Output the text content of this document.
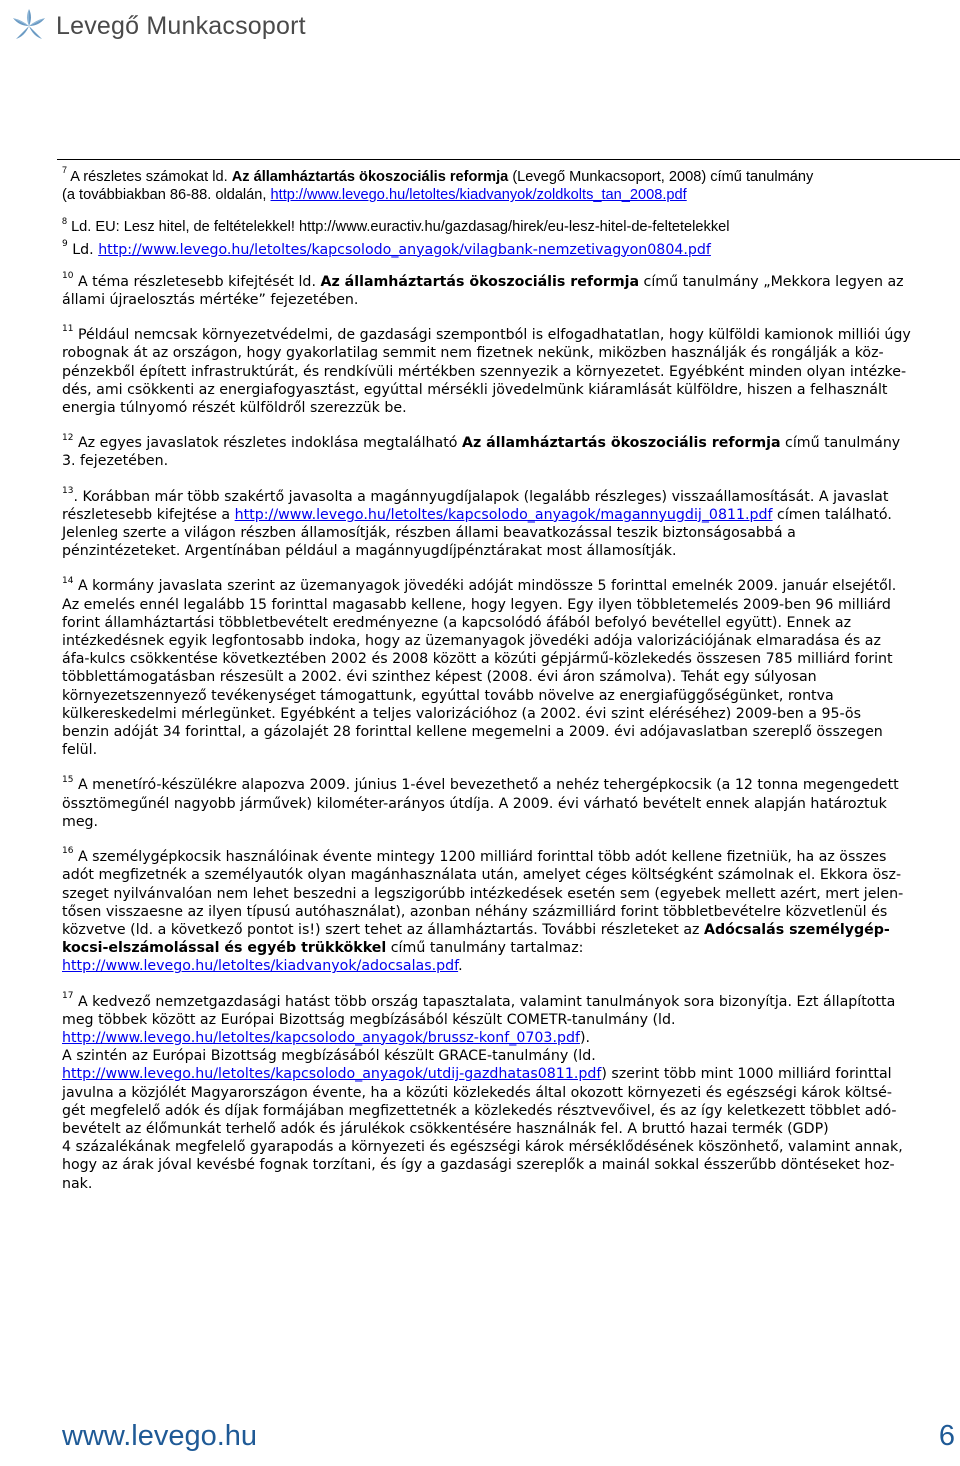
Levegő Munkacsoport

$^7$ A részletes számokat ld. Az államháztartás ökoszociális reformja (Levegő Munkacsoport, 2008) című tanulmány
(a továbbiakban 86-88. oldalán, http://www.levego.hu/letoltes/kiadvanyok/zoldkolts_tan_2008.pdf

$^8$ Ld. EU: Lesz hitel, de feltételekkel! http://www.euractiv.hu/gazdasag/hirek/eu-lesz-hitel-de-feltetelekkel

$^9$ Ld. http://www.levego.hu/letoltes/kapcsolodo_anyagok/vilagbank-nemzetivagyon0804.pdf

$^{10}$ A téma részletesebb kifejtését ld. Az államháztartás ökoszociális reformja című tanulmány „Mekkora legyen az
állami újraelosztás mértéke” fejezetében.

$^{11}$ Például nemcsak környezetvédelmi, de gazdasági szempontból is elfogadhatatlan, hogy külföldi kamionok milliói úgy
robognak át az országon, hogy gyakorlatilag semmit nem fizetnek nekünk, miközben használják és rongálják a köz-
pénzekből épített infrastruktúrát, és rendkívüli mértékben szennyezik a környezetet. Egyébként minden olyan intézke-
dés, ami csökkenti az energiafogyasztást, egyúttal mérsékli jövedelmünk kiáramlását külföldre, hiszen a felhasznált
energia túlnyomó részét külföldről szerezzük be.

$^{12}$ Az egyes javaslatok részletes indoklása megtalálható Az államháztartás ökoszociális reformja című tanulmány
3. fejezetében.

$^{13}$. Korábban már több szakértő javasolta a magánnyugdíjalapok (legalább részleges) visszaállamosítását. A javaslat
részletesebb kifejtése a http://www.levego.hu/letoltes/kapcsolodo_anyagok/magannyugdij_0811.pdf címen található.
Jelenleg szerte a világon részben államosítják, részben állami beavatkozással teszik biztonságosabbá a
pénzintézeteket. Argentínában például a magánnyugdíjpénztárakat most államosítják.

$^{14}$ A kormány javaslata szerint az üzemanyagok jövedéki adóját mindössze 5 forinttal emelnék 2009. január elsejétől.
Az emelés ennél legalább 15 forinttal magasabb kellene, hogy legyen. Egy ilyen többletemelés 2009-ben 96 milliárd
forint államháztartási többletbevételt eredményezne (a kapcsolódó áfából befolyó bevétellel együtt). Ennek az
intézkedésnek egyik legfontosabb indoka, hogy az üzemanyagok jövedéki adója valorizációjának elmaradása és az
áfa-kulcs csökkentése következtében 2002 és 2008 között a közúti gépjármű-közlekedés összesen 785 milliárd forint
többlettámogatásban részesült a 2002. évi szinthez képest (2008. évi áron számolva). Tehát egy súlyosan
környezetszennyező tevékenységet támogattunk, egyúttal tovább növelve az energiafüggőségünket, rontva
külkereskedelmi mérlegünket. Egyébként a teljes valorizációhoz (a 2002. évi szint eléréséhez) 2009-ben a 95-ös
benzin adóját 34 forinttal, a gázolajét 28 forinttal kellene megemelni a 2009. évi adójavaslatban szereplő összegen
felül.

$^{15}$ A menetíró-készülékre alapozva 2009. június 1-ével bevezethető a nehéz tehergépkocsik (a 12 tonna megengedett
össztömegűnél nagyobb járművek) kilométer-arányos útdíja. A 2009. évi várható bevételt ennek alapján határoztuk
meg.

$^{16}$ A személygépkocsik használóinak évente mintegy 1200 milliárd forinttal több adót kellene fizetniük, ha az összes
adót megfizetnék a személyautók olyan magánhasználata után, amelyet céges költségként számolnak el. Ekkora ösz-
szeget nyilvánvalóan nem lehet beszedni a legszigorúbb intézkedések esetén sem (egyebek mellett azért, mert jelen-
tősen visszaesne az ilyen típusú autóhasználat), azonban néhány százmilliárd forint többletbevételre közvetlenül és
közvetve (ld. a következő pontot is!) szert tehet az államháztartás. További részleteket az Adócsalás személygép-
kocsi-elszámolással és egyéb trükkökkel című tanulmány tartalmaz:
http://www.levego.hu/letoltes/kiadvanyok/adocsalas.pdf.

$^{17}$ A kedvező nemzetgazdasági hatást több ország tapasztalata, valamint tanulmányok sora bizonyítja. Ezt állapította
meg többek között az Európai Bizottság megbízásából készült COMETR-tanulmány (ld.
http://www.levego.hu/letoltes/kapcsolodo_anyagok/brussz-konf_0703.pdf).
A szintén az Európai Bizottság megbízásából készült GRACE-tanulmány (ld.
http://www.levego.hu/letoltes/kapcsolodo_anyagok/utdij-gazdhatas0811.pdf) szerint több mint 1000 milliárd forinttal
javulna a közjólét Magyarországon évente, ha a közúti közlekedés által okozott környezeti és egészségi károk költsé-
gét megfelelő adók és díjak formájában megfizettetnék a közlekedés résztvevőivel, és az így keletkezett többlet adó-
bevételt az élőmunkát terhelő adók és járulékok csökkentésére használnák fel. A bruttó hazai termék (GDP)
4 százalékának megfelelő gyarapodás a környezeti és egészségi károk mérséklődésének köszönhető, valamint annak,
hogy az árak jóval kevésbé fognak torzítani, és így a gazdasági szereplők a mainál sokkal ésszerűbb döntéseket hoz-
nak.

www.levego.hu	6
